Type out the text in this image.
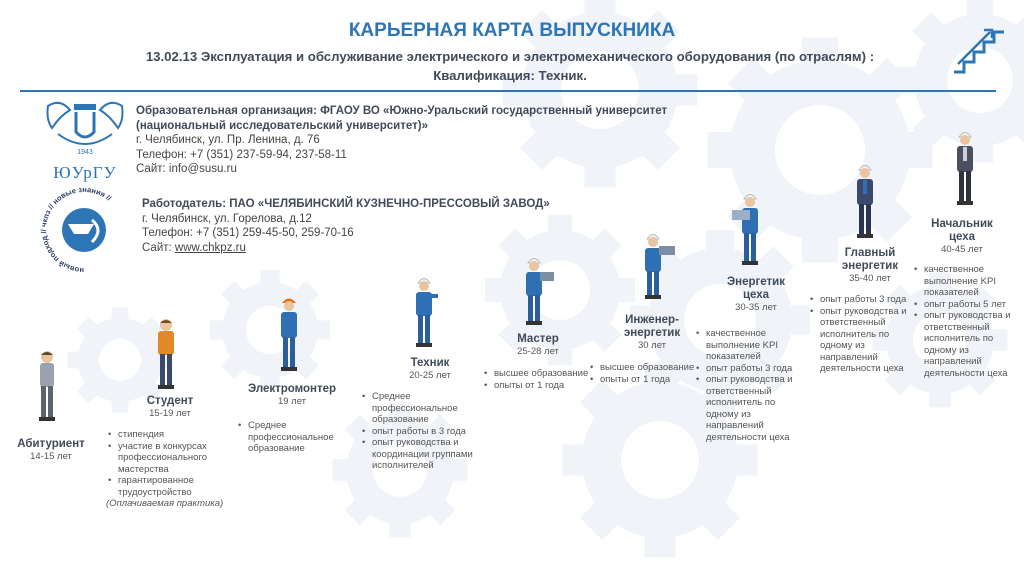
КАРЬЕРНАЯ КАРТА ВЫПУСКНИКА
13.02.13 Эксплуатация и обслуживание электрического и электромеханического оборудования (по отраслям) :
Квалификация: Техник.
1943
ЮУрГУ
Образовательная организация: ФГАОУ ВО «Южно-Уральский государственный университет
(национальный исследовательский университет)»
г. Челябинск, ул. Пр. Ленина, д. 76
Телефон: +7 (351) 237-59-94, 237-58-11
Сайт: info@susu.ru
новый подход // чкпз // новые знания //	Работодатель: ПАО «ЧЕЛЯБИНСКИЙ КУЗНЕЧНО-ПРЕССОВЫЙ ЗАВОД»
г. Челябинск, ул. Горелова, д.12
Телефон: +7 (351) 259-45-50, 259-70-16
Сайт: www.chkpz.ru
Абитуриент
14-15 лет
Студент
15-19 лет
• стипендия
• участие в конкурсах профессионального мастерства
• гарантированное трудоустройство
(Оплачиваемая практика)
Электромонтер
19 лет
• Среднее профессиональное образование
Техник
20-25 лет
• Среднее профессиональное образование
• опыт работы в 3 года
• опыт руководства и координации группами исполнителей
Мастер
25-28 лет
• высшее образование
• опыты от 1 года
Инженер-
энергетик
30 лет
• высшее образование
• опыты от 1 года
Энергетик
цеха
30-35 лет
• качественное выполнение KPI показателей
• опыт работы 3 года
• опыт руководства и ответственный исполнитель по одному из направлений деятельности цеха
Главный
энергетик
35-40 лет
• опыт работы 3 года
• опыт руководства и ответственный исполнитель по одному из направлений деятельности цеха
Начальник
цеха
40-45 лет
• качественное выполнение KPI показателей
• опыт работы 5 лет
• опыт руководства и ответственный исполнитель по одному из направлений деятельности цеха
